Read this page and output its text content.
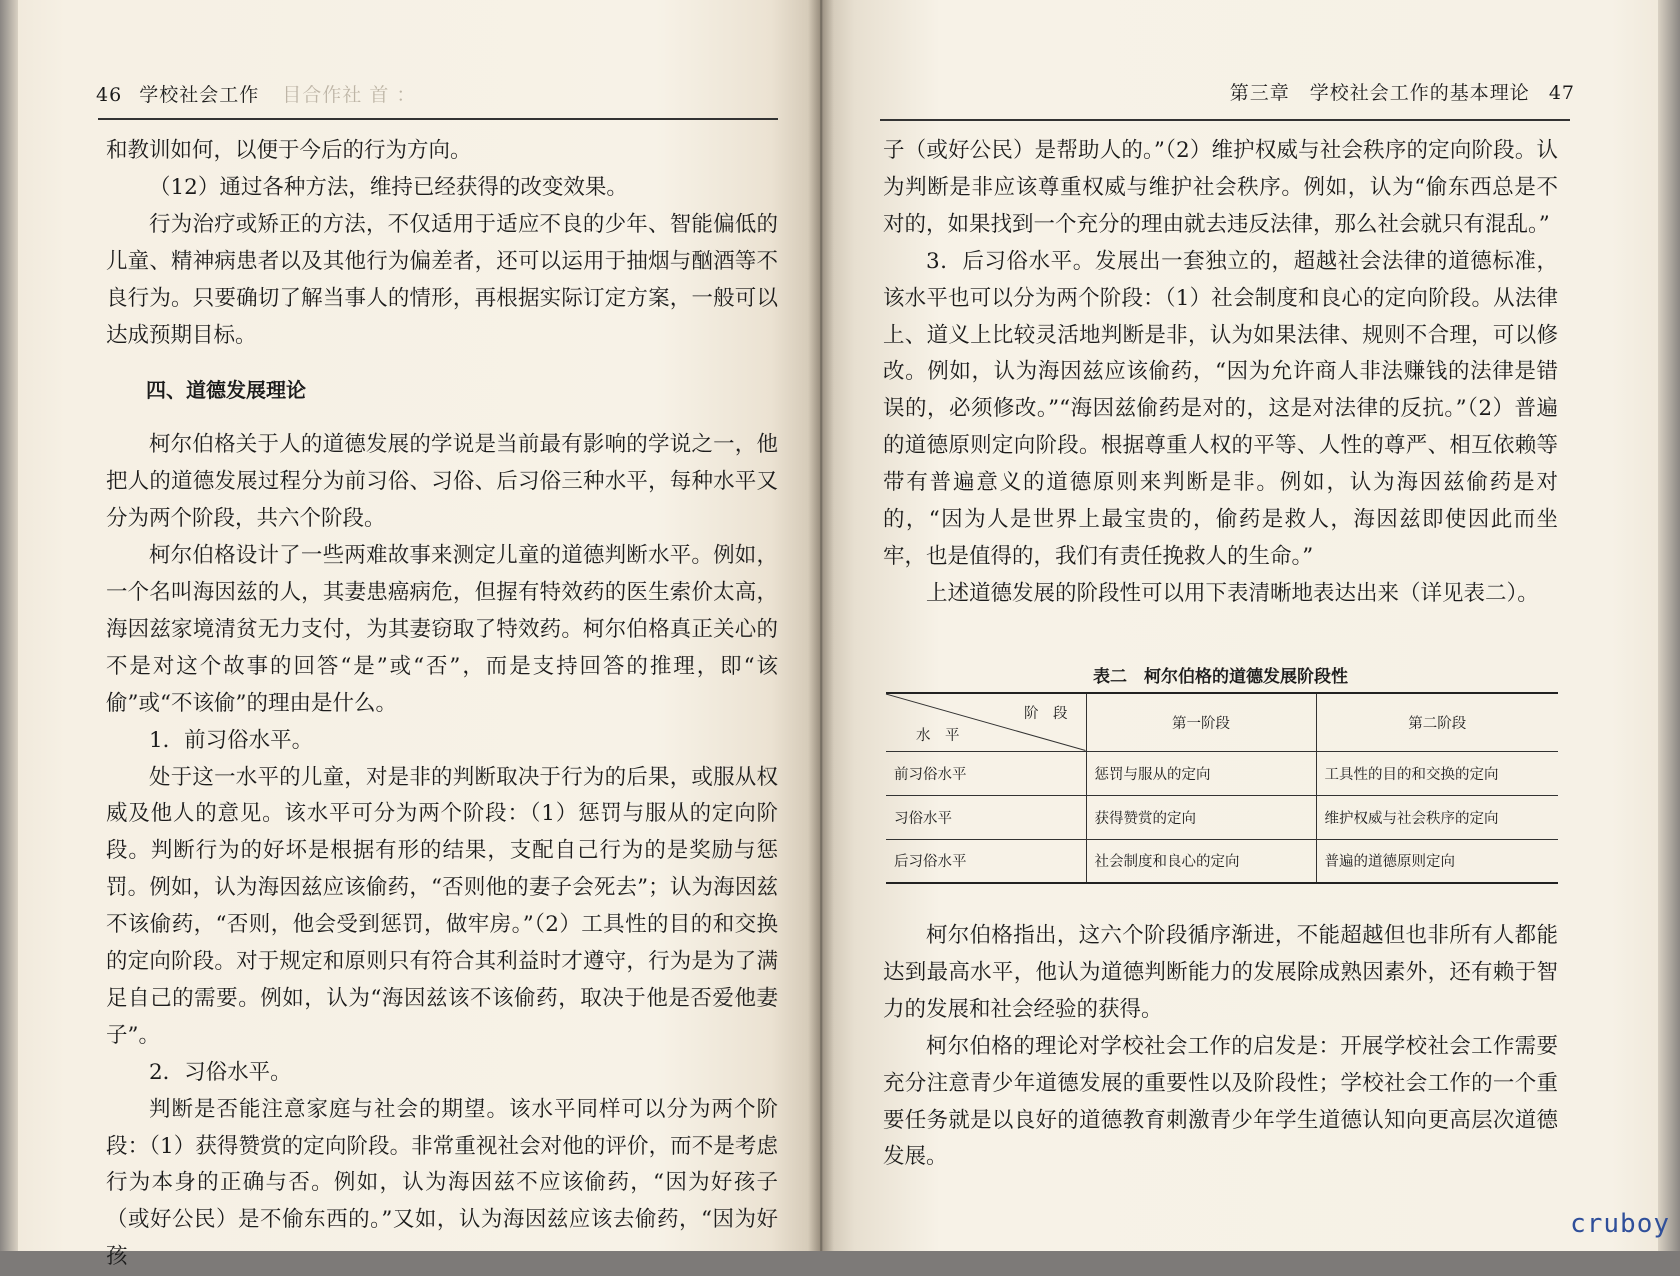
46 学校社会工作 目合作社 首 ：

和教训如何，以便于今后的行为方向。

（12）通过各种方法，维持已经获得的改变效果。

行为治疗或矫正的方法，不仅适用于适应不良的少年、智能偏低的儿童、精神病患者以及其他行为偏差者，还可以运用于抽烟与酗酒等不良行为。只要确切了解当事人的情形，再根据实际订定方案，一般可以达成预期目标。

四、道德发展理论

柯尔伯格关于人的道德发展的学说是当前最有影响的学说之一，他把人的道德发展过程分为前习俗、习俗、后习俗三种水平，每种水平又分为两个阶段，共六个阶段。

柯尔伯格设计了一些两难故事来测定儿童的道德判断水平。例如，一个名叫海因兹的人，其妻患癌病危，但握有特效药的医生索价太高，海因兹家境清贫无力支付，为其妻窃取了特效药。柯尔伯格真正关心的不是对这个故事的回答“是”或“否”，而是支持回答的推理，即“该偷”或“不该偷”的理由是什么。

1．前习俗水平。

处于这一水平的儿童，对是非的判断取决于行为的后果，或服从权威及他人的意见。该水平可分为两个阶段：（1）惩罚与服从的定向阶段。判断行为的好坏是根据有形的结果，支配自己行为的是奖励与惩罚。例如，认为海因兹应该偷药，“否则他的妻子会死去”；认为海因兹不该偷药，“否则，他会受到惩罚，做牢房。”（2）工具性的目的和交换的定向阶段。对于规定和原则只有符合其利益时才遵守，行为是为了满足自己的需要。例如，认为“海因兹该不该偷药，取决于他是否爱他妻子”。

2．习俗水平。

判断是否能注意家庭与社会的期望。该水平同样可以分为两个阶段：（1）获得赞赏的定向阶段。非常重视社会对他的评价，而不是考虑行为本身的正确与否。例如，认为海因兹不应该偷药，“因为好孩子（或好公民）是不偷东西的。”又如，认为海因兹应该去偷药，“因为好孩

第三章　学校社会工作的基本理论 47

子（或好公民）是帮助人的。”（2）维护权威与社会秩序的定向阶段。认为判断是非应该尊重权威与维护社会秩序。例如，认为“偷东西总是不对的，如果找到一个充分的理由就去违反法律，那么社会就只有混乱。”

3．后习俗水平。发展出一套独立的，超越社会法律的道德标准，该水平也可以分为两个阶段：（1）社会制度和良心的定向阶段。从法律上、道义上比较灵活地判断是非，认为如果法律、规则不合理，可以修改。例如，认为海因兹应该偷药，“因为允许商人非法赚钱的法律是错误的，必须修改。”“海因兹偷药是对的，这是对法律的反抗。”（2）普遍的道德原则定向阶段。根据尊重人权的平等、人性的尊严、相互依赖等带有普遍意义的道德原则来判断是非。例如，认为海因兹偷药是对的，“因为人是世界上最宝贵的，偷药是救人，海因兹即使因此而坐牢，也是值得的，我们有责任挽救人的生命。”

上述道德发展的阶段性可以用下表清晰地表达出来（详见表二）。

表二　柯尔伯格的道德发展阶段性
阶　段
水　平	第一阶段	第二阶段
前习俗水平	惩罚与服从的定向	工具性的目的和交换的定向
习俗水平	获得赞赏的定向	维护权威与社会秩序的定向
后习俗水平	社会制度和良心的定向	普遍的道德原则定向

柯尔伯格指出，这六个阶段循序渐进，不能超越但也非所有人都能达到最高水平，他认为道德判断能力的发展除成熟因素外，还有赖于智力的发展和社会经验的获得。

柯尔伯格的理论对学校社会工作的启发是：开展学校社会工作需要充分注意青少年道德发展的重要性以及阶段性；学校社会工作的一个重要任务就是以良好的道德教育刺激青少年学生道德认知向更高层次道德发展。

cruboy
